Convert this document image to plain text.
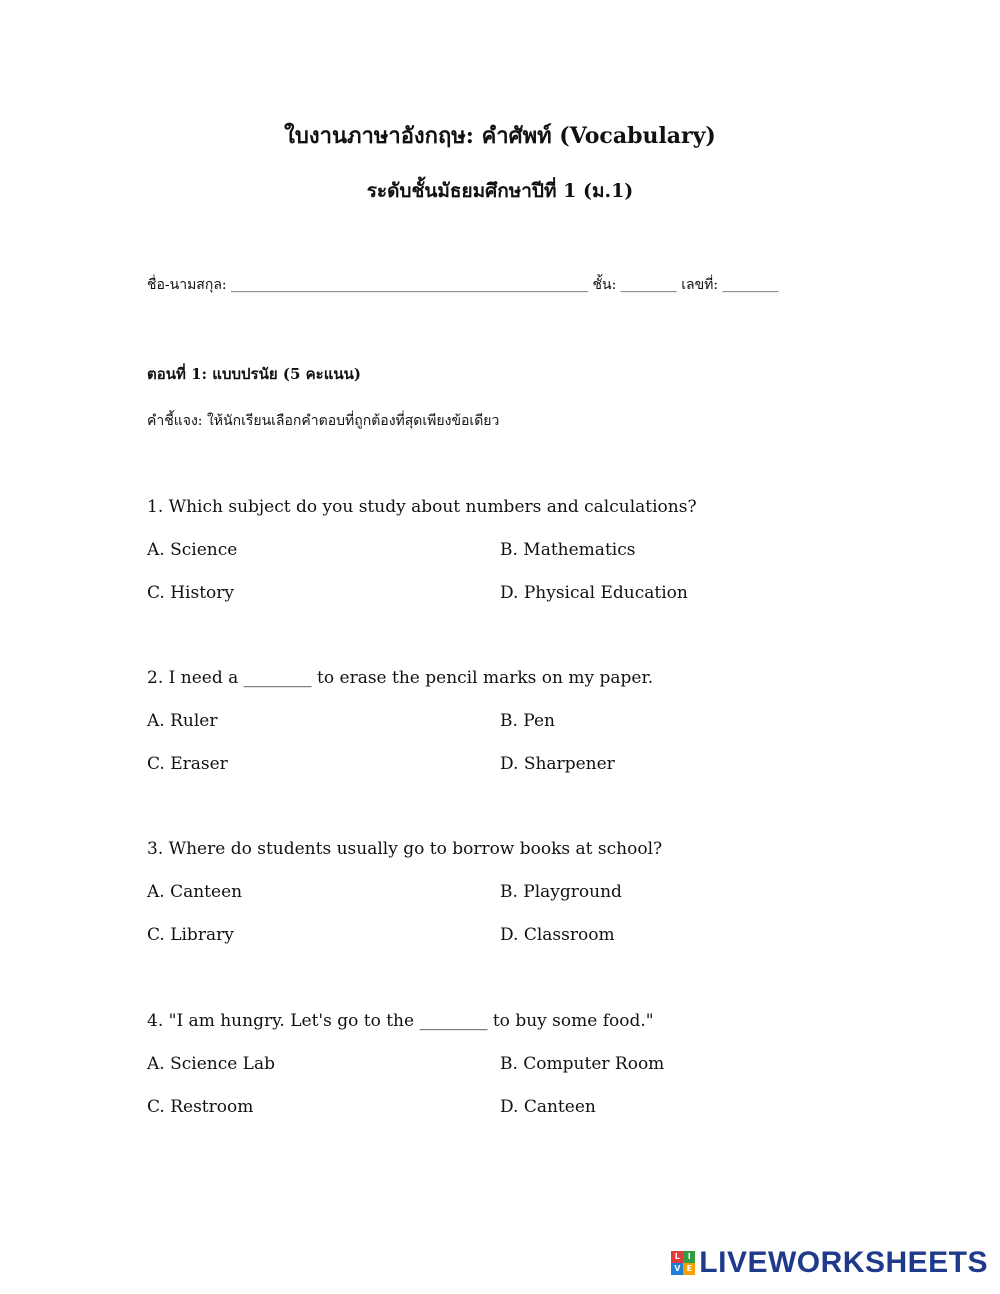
ใบงานภาษาอังกฤษ: คำศัพท์ (Vocabulary)
ระดับชั้นมัธยมศึกษาปีที่ 1 (ม.1)
ชื่อ-นามสกุล: ___________________________________________________ ชั้น: ________ เลขที่: ________
ตอนที่ 1: แบบปรนัย (5 คะแนน)
คำชี้แจง: ให้นักเรียนเลือกคำตอบที่ถูกต้องที่สุดเพียงข้อเดียว
1. Which subject do you study about numbers and calculations?
A. Science	B. Mathematics
C. History	D. Physical Education
2. I need a ________ to erase the pencil marks on my paper.
A. Ruler	B. Pen
C. Eraser	D. Sharpener
3. Where do students usually go to borrow books at school?
A. Canteen	B. Playground
C. Library	D. Classroom
4. "I am hungry. Let's go to the ________ to buy some food."
A. Science Lab	B. Computer Room
C. Restroom	D. Canteen
L I
V E LIVEWORKSHEETS
